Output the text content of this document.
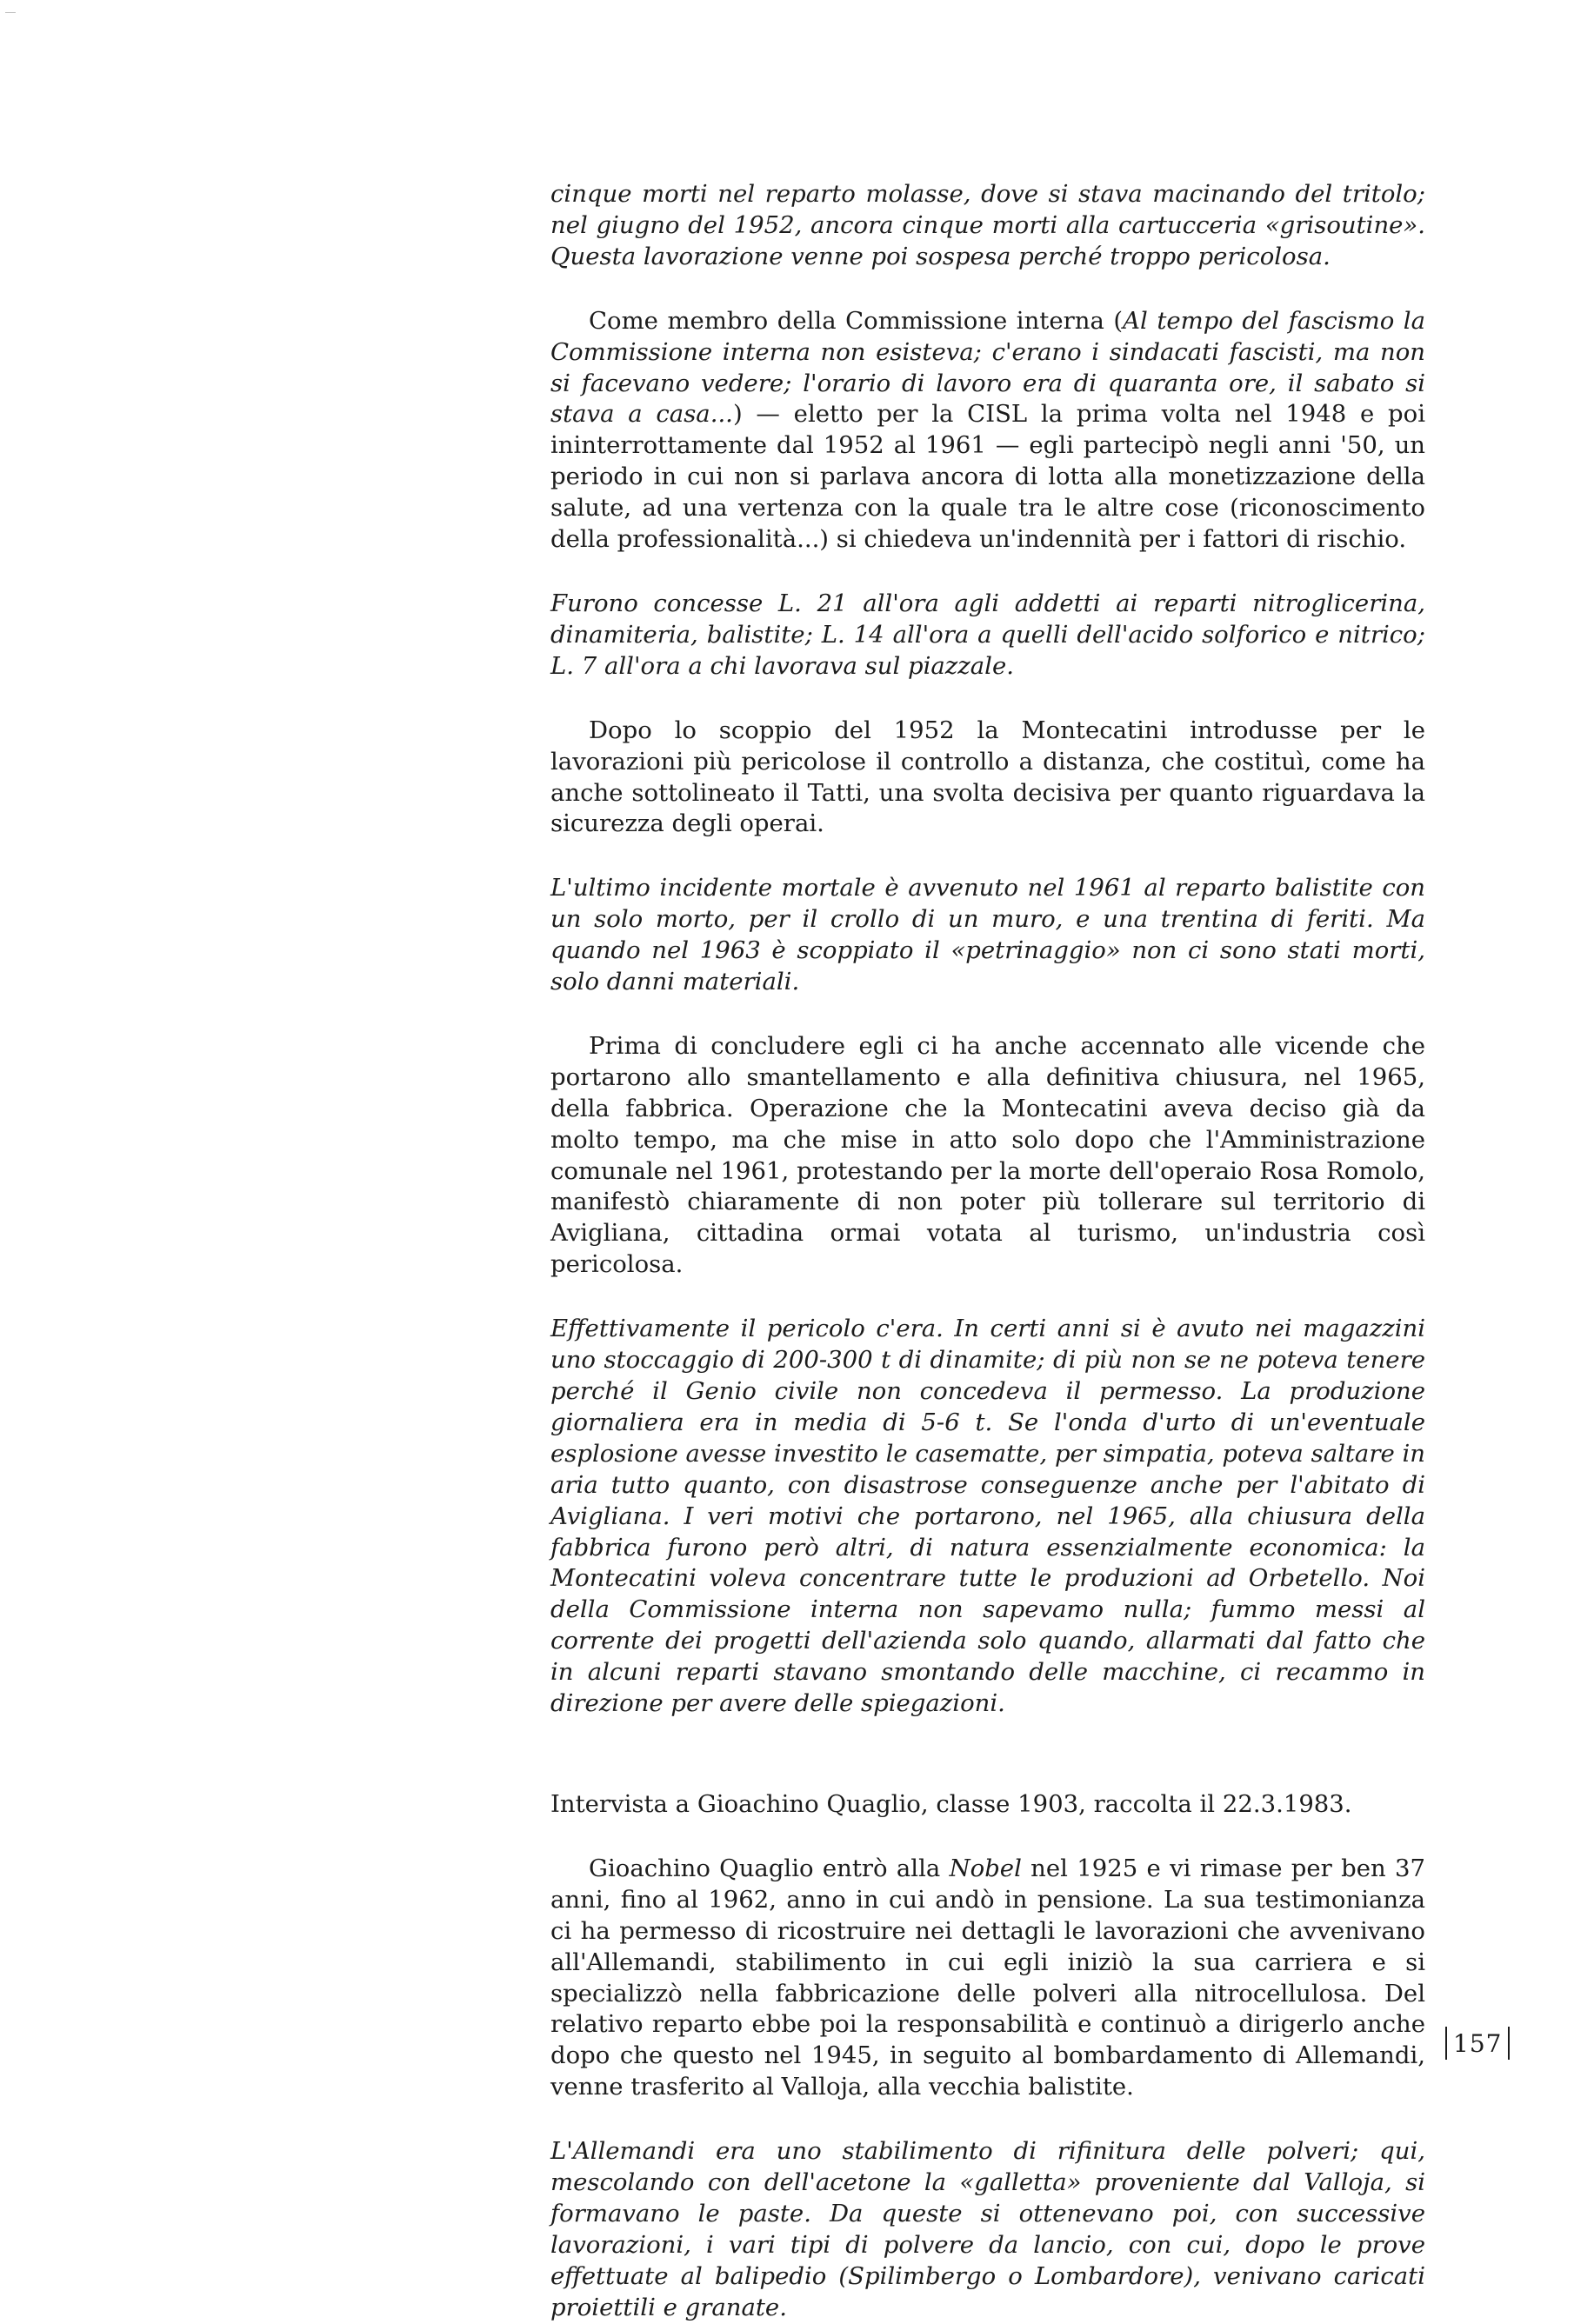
cinque morti nel reparto molasse, dove si stava macinando del tritolo; nel giugno del 1952, ancora cinque morti alla cartucceria «grisoutine». Questa lavorazione venne poi sospesa perché troppo pericolosa.

Come membro della Commissione interna (Al tempo del fascismo la Commissione interna non esisteva; c'erano i sindacati fascisti, ma non si facevano vedere; l'orario di lavoro era di quaranta ore, il sabato si stava a casa...) — eletto per la CISL la prima volta nel 1948 e poi ininterrottamente dal 1952 al 1961 — egli partecipò negli anni '50, un periodo in cui non si parlava ancora di lotta alla monetizzazione della salute, ad una vertenza con la quale tra le altre cose (riconoscimento della professionalità...) si chiedeva un'indennità per i fattori di rischio.

Furono concesse L. 21 all'ora agli addetti ai reparti nitroglicerina, dinamiteria, balistite; L. 14 all'ora a quelli dell'acido solforico e nitrico; L. 7 all'ora a chi lavorava sul piazzale.

Dopo lo scoppio del 1952 la Montecatini introdusse per le lavorazioni più pericolose il controllo a distanza, che costituì, come ha anche sottolineato il Tatti, una svolta decisiva per quanto riguardava la sicurezza degli operai.

L'ultimo incidente mortale è avvenuto nel 1961 al reparto balistite con un solo morto, per il crollo di un muro, e una trentina di feriti. Ma quando nel 1963 è scoppiato il «petrinaggio» non ci sono stati morti, solo danni materiali.

Prima di concludere egli ci ha anche accennato alle vicende che portarono allo smantellamento e alla definitiva chiusura, nel 1965, della fabbrica. Operazione che la Montecatini aveva deciso già da molto tempo, ma che mise in atto solo dopo che l'Amministrazione comunale nel 1961, protestando per la morte dell'operaio Rosa Romolo, manifestò chiaramente di non poter più tollerare sul territorio di Avigliana, cittadina ormai votata al turismo, un'industria così pericolosa.

Effettivamente il pericolo c'era. In certi anni si è avuto nei magazzini uno stoccaggio di 200-300 t di dinamite; di più non se ne poteva tenere perché il Genio civile non concedeva il permesso. La produzione giornaliera era in media di 5-6 t. Se l'onda d'urto di un'eventuale esplosione avesse investito le casematte, per simpatia, poteva saltare in aria tutto quanto, con disastrose conseguenze anche per l'abitato di Avigliana. I veri motivi che portarono, nel 1965, alla chiusura della fabbrica furono però altri, di natura essenzialmente economica: la Montecatini voleva concentrare tutte le produzioni ad Orbetello. Noi della Commissione interna non sapevamo nulla; fummo messi al corrente dei progetti dell'azienda solo quando, allarmati dal fatto che in alcuni reparti stavano smontando delle macchine, ci recammo in direzione per avere delle spiegazioni.

Intervista a Gioachino Quaglio, classe 1903, raccolta il 22.3.1983.

Gioachino Quaglio entrò alla Nobel nel 1925 e vi rimase per ben 37 anni, fino al 1962, anno in cui andò in pensione. La sua testimonianza ci ha permesso di ricostruire nei dettagli le lavorazioni che avvenivano all'Allemandi, stabilimento in cui egli iniziò la sua carriera e si specializzò nella fabbricazione delle polveri alla nitrocellulosa. Del relativo reparto ebbe poi la responsabilità e continuò a dirigerlo anche dopo che questo nel 1945, in seguito al bombardamento di Allemandi, venne trasferito al Valloja, alla vecchia balistite.

L'Allemandi era uno stabilimento di rifinitura delle polveri; qui, mescolando con dell'acetone la «galletta» proveniente dal Valloja, si formavano le paste. Da queste si ottenevano poi, con successive lavorazioni, i vari tipi di polvere da lancio, con cui, dopo le prove effettuate al balipedio (Spilimbergo o Lombardore), venivano caricati proiettili e granate.

157
